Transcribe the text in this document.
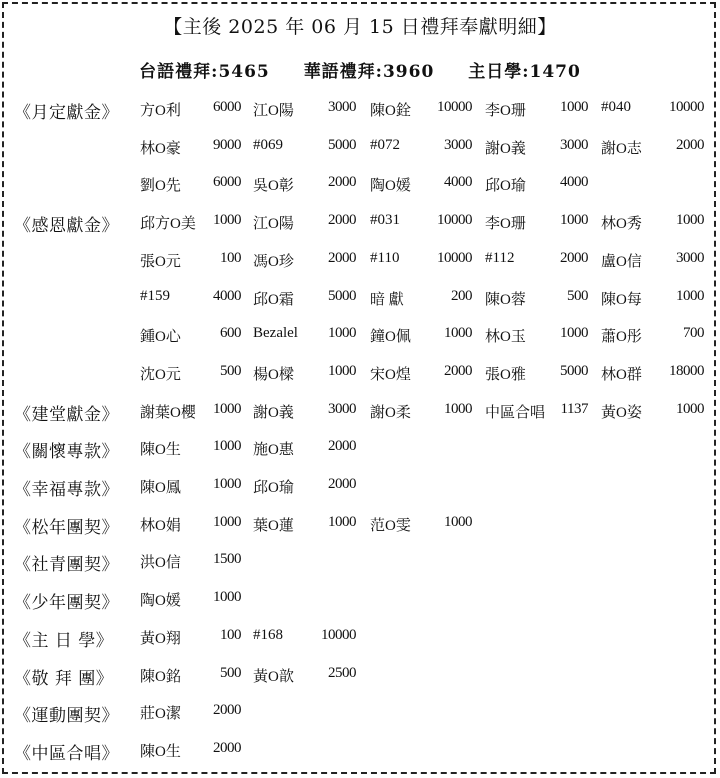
【主後 2025 年 06 月 15 日禮拜奉獻明細】
台語禮拜:5465 華語禮拜:3960 主日學:1470
《月定獻金》	方O利 6000 江O陽 3000 陳O銓 10000 李O珊 1000 #040	10000
林O豪 9000 #069	5000 #072	3000 謝O義 3000 謝O志 2000
劉O先 6000 吳O彰 2000 陶O媛 4000 邱O瑜 4000
《感恩獻金》	邱方O美 1000 江O陽 2000 #031 10000 李O珊 1000 林O秀 1000
張O元	100 馮O珍 2000 #110	10000 #112	2000 盧O信 3000
#159	4000 邱O霜 5000 暗 獻	200 陳O蓉	500 陳O每 1000
鍾O心	600 Bezalel 1000 鐘O佩 1000 林O玉 1000 蕭O彤	700
沈O元	500 楊O樑 1000 宋O煌 2000 張O雅 5000 林O群 18000
《建堂獻金》	謝葉O櫻 1000 謝O義 3000 謝O柔 1000 中區合唱 1137 黃O姿 1000
《關懷專款》	陳O生 1000 施O惠 2000
《幸福專款》	陳O鳳 1000 邱O瑜 2000
《松年團契》	林O娟 1000 葉O蓮 1000 范O雯 1000
《社青團契》	洪O信 1500
《少年團契》	陶O媛 1000
《主 日 學》	黃O翔	100 #168	10000
《敬 拜 團》	陳O銘	500 黃O歆 2500
《運動團契》	莊O潔 2000
《中區合唱》	陳O生 2000
